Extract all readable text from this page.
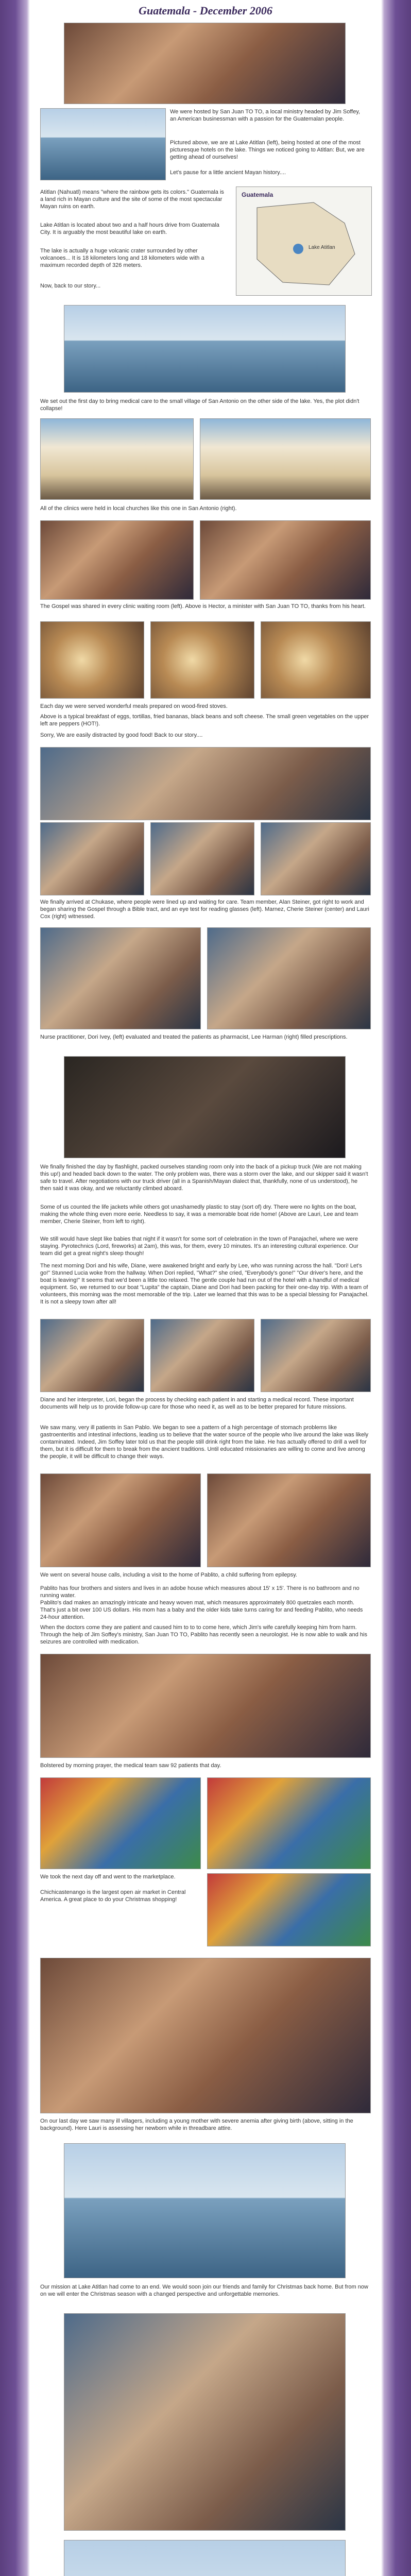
Guatemala - December 2006
We were hosted by San Juan TO TO, a local ministry headed by Jim Soffey, an American businessman with a passion for the Guatemalan people.
Pictured above, we are at Lake Atitlan (left), being hosted at one of the most picturesque hotels on the lake. Things we noticed going to Atitlan: But, we are getting ahead of ourselves!
Let's pause for a little ancient Mayan history....
Atitlan (Nahuatl) means "where the rainbow gets its colors." Guatemala is a land rich in Mayan culture and the site of some of the most spectacular Mayan ruins on earth.
Lake Atitlan is located about two and a half hours drive from Guatemala City. It is arguably the most beautiful lake on earth.
The lake is actually a huge volcanic crater surrounded by other volcanoes... It is 18 kilometers long and 18 kilometers wide with a maximum recorded depth of 326 meters.
Now, back to our story...
Guatemala
Lake Atitlan
We set out the first day to bring medical care to the small village of San Antonio on the other side of the lake. Yes, the plot didn't collapse!
All of the clinics were held in local churches like this one in San Antonio (right).
The Gospel was shared in every clinic waiting room (left). Above is Hector, a minister with San Juan TO TO, thanks from his heart.
Each day we were served wonderful meals prepared on wood-fired stoves.
Above is a typical breakfast of eggs, tortillas, fried bananas, black beans and soft cheese. The small green vegetables on the upper left are peppers (HOT!).
Sorry, We are easily distracted by good food! Back to our story....
We finally arrived at Chukase, where people were lined up and waiting for care. Team member, Alan Steiner, got right to work and began sharing the Gospel through a Bible tract, and an eye test for reading glasses (left). Marnez, Cherie Steiner (center) and Lauri Cox (right) witnessed.
Nurse practitioner, Dori Ivey, (left) evaluated and treated the patients as pharmacist, Lee Harman (right) filled prescriptions.
We finally finished the day by flashlight, packed ourselves standing room only into the back of a pickup truck (We are not making this up!) and headed back down to the water. The only problem was, there was a storm over the lake, and our skipper said it wasn't safe to travel. After negotiations with our truck driver (all in a Spanish/Mayan dialect that, thankfully, none of us understood), he then said it was okay, and we reluctantly climbed aboard.
Some of us counted the life jackets while others got unashamedly plastic to stay (sort of) dry. There were no lights on the boat, making the whole thing even more eerie. Needless to say, it was a memorable boat ride home! (Above are Lauri, Lee and team member, Cherie Steiner, from left to right).
We still would have slept like babies that night if it wasn't for some sort of celebration in the town of Panajachel, where we were staying. Pyrotechnics (Lord, fireworks) at 2am), this was, for them, every 10 minutes. It's an interesting cultural experience. Our team did get a great night's sleep though!
The next morning Dori and his wife, Diane, were awakened bright and early by Lee, who was running across the hall. "Dori! Let's go!" Stunned Lucia woke from the hallway. When Dori replied, "What?" she cried, "Everybody's gone!" "Our driver's here, and the boat is leaving!" It seems that we'd been a little too relaxed. The gentle couple had run out of the hotel with a handful of medical equipment. So, we returned to our boat "Lupita" the captain, Diane and Dori had been packing for their one-day trip. With a team of volunteers, this morning was the most memorable of the trip. Later we learned that this was to be a special blessing for Panajachel. It is not a sleepy town after all!
Diane and her interpreter, Lori, began the process by checking each patient in and starting a medical record. These important documents will help us to provide follow-up care for those who need it, as well as to be better prepared for future missions.
We saw many, very ill patients in San Pablo. We began to see a pattern of a high percentage of stomach problems like gastroenteritis and intestinal infections, leading us to believe that the water source of the people who live around the lake was likely contaminated. Indeed, Jim Soffey later told us that the people still drink right from the lake. He has actually offered to drill a well for them, but it is difficult for them to break from the ancient traditions. Until educated missionaries are willing to come and live among the people, it will be difficult to change their ways.
We went on several house calls, including a visit to the home of Pablito, a child suffering from epilepsy.
Pablito has four brothers and sisters and lives in an adobe house which measures about 15' x 15'. There is no bathroom and no running water.
Pablito's dad makes an amazingly intricate and heavy woven mat, which measures approximately 800 quetzales each month. That's just a bit over 100 US dollars. His mom has a baby and the older kids take turns caring for and feeding Pablito, who needs 24-hour attention.
When the doctors come they are patient and caused him to to to come here, which Jim's wife carefully keeping him from harm. Through the help of Jim Soffey's ministry, San Juan TO TO, Pablito has recently seen a neurologist. He is now able to walk and his seizures are controlled with medication.
Bolstered by morning prayer, the medical team saw 92 patients that day.
We took the next day off and went to the marketplace.
Chichicastenango is the largest open air market in Central America. A great place to do your Christmas shopping!
On our last day we saw many ill villagers, including a young mother with severe anemia after giving birth (above, sitting in the background). Here Lauri is assessing her newborn while in threadbare attire.
Our mission at Lake Atitlan had come to an end. We would soon join our friends and family for Christmas back home. But from now on we will enter the Christmas season with a changed perspective and unforgettable memories.
